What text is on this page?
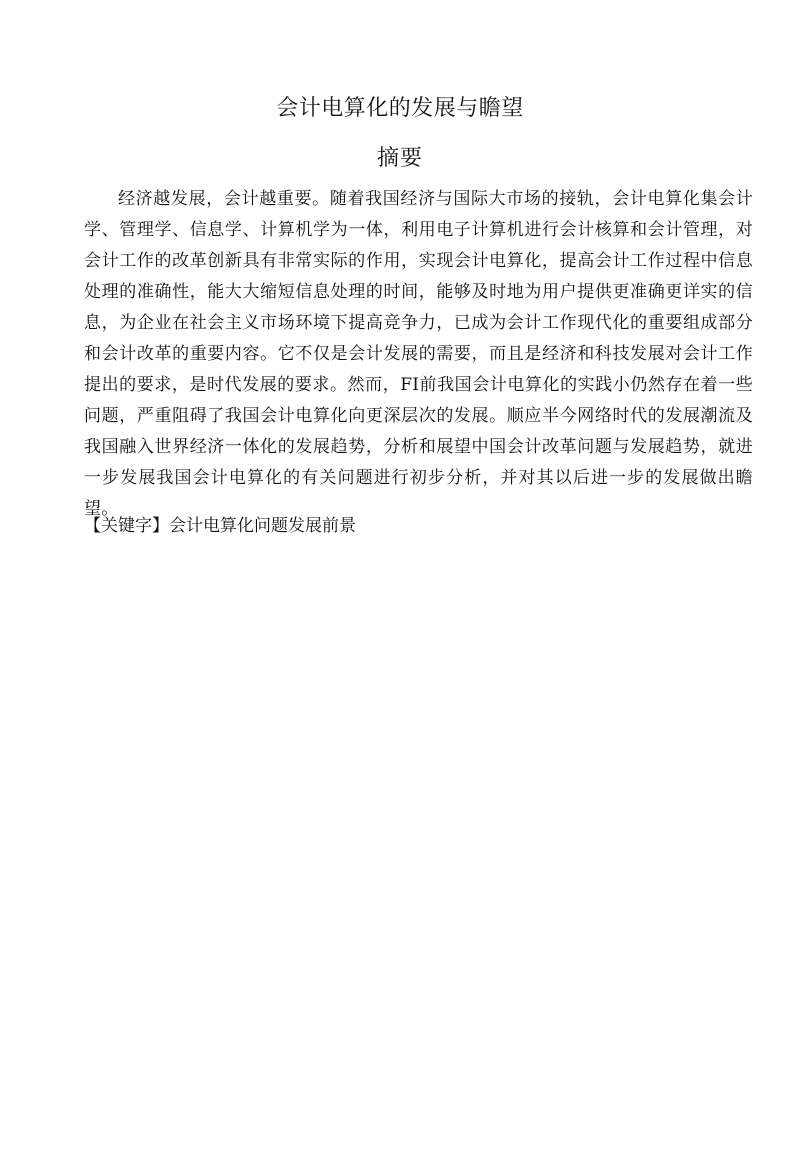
会计电算化的发展与瞻望
摘要

经济越发展，会计越重要。随着我国经济与国际大市场的接轨，会计电算化集会计学、管理学、信息学、计算机学为一体，利用电子计算机进行会计核算和会计管理，对会计工作的改革创新具有非常实际的作用，实现会计电算化，提高会计工作过程中信息处理的准确性，能大大缩短信息处理的时间，能够及时地为用户提供更准确更详实的信息，为企业在社会主义市场环境下提高竞争力，已成为会计工作现代化的重要组成部分和会计改革的重要内容。它不仅是会计发展的需要，而且是经济和科技发展对会计工作提出的要求，是时代发展的要求。然而，FI前我国会计电算化的实践小仍然存在着一些问题，严重阻碍了我国会计电算化向更深层次的发展。顺应半今网络时代的发展潮流及我国融入世界经济一体化的发展趋势，分析和展望中国会计改革问题与发展趋势，就进一步发展我国会计电算化的有关问题进行初步分析，并对其以后进一步的发展做出瞻望。

【关键字】会计电算化问题发展前景
